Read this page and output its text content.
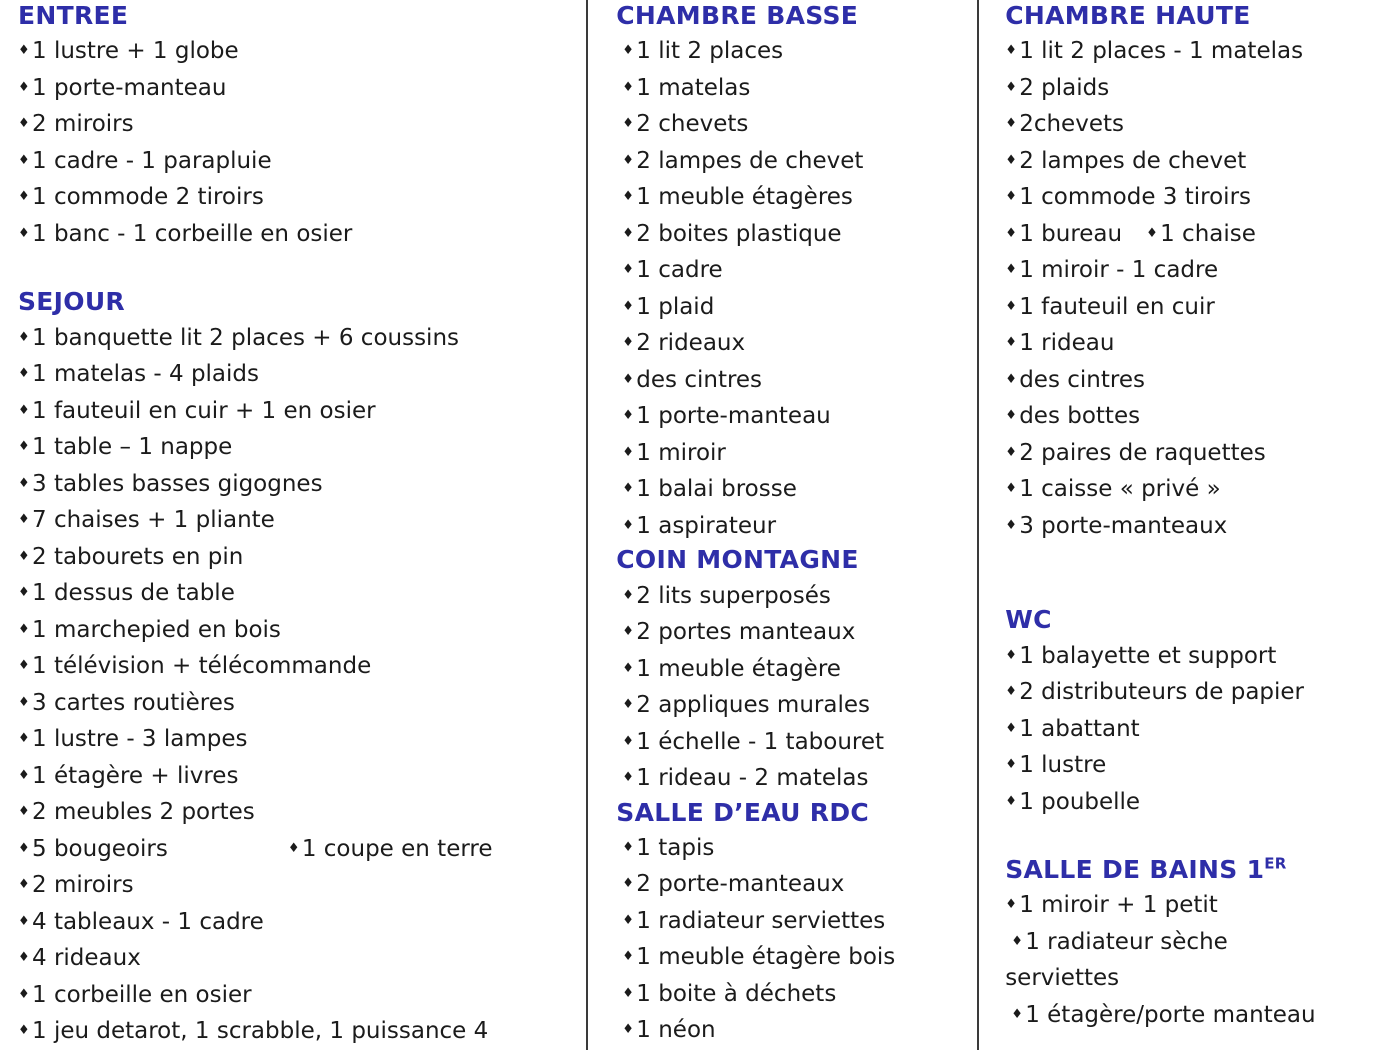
ENTREE
♦ 1 lustre + 1 globe
♦ 1 porte-manteau
♦ 2 miroirs
♦ 1 cadre - 1 parapluie
♦ 1 commode 2 tiroirs
♦ 1 banc - 1 corbeille en osier
SEJOUR
♦ 1 banquette lit 2 places + 6 coussins
♦ 1 matelas - 4 plaids
♦ 1 fauteuil en cuir + 1 en osier
♦ 1 table – 1 nappe
♦ 3 tables basses gigognes
♦ 7 chaises + 1 pliante
♦ 2 tabourets en pin
♦ 1 dessus de table
♦ 1 marchepied en bois
♦ 1 télévision + télécommande
♦ 3 cartes routières
♦ 1 lustre - 3 lampes
♦ 1 étagère + livres
♦ 2 meubles 2 portes
♦ 5 bougeoirs	♦ 1 coupe en terre
♦ 2 miroirs
♦ 4 tableaux - 1 cadre
♦ 4 rideaux
♦ 1 corbeille en osier
♦ 1 jeu detarot, 1 scrabble, 1 puissance 4
CHAMBRE BASSE
♦ 1 lit 2 places
♦ 1 matelas
♦ 2 chevets
♦ 2 lampes de chevet
♦ 1 meuble étagères
♦ 2 boites plastique
♦ 1 cadre
♦ 1 plaid
♦ 2 rideaux
♦ des cintres
♦ 1 porte-manteau
♦ 1 miroir
♦ 1 balai brosse
♦ 1 aspirateur
COIN MONTAGNE
♦ 2 lits superposés
♦ 2 portes manteaux
♦ 1 meuble étagère
♦ 2 appliques murales
♦ 1 échelle - 1 tabouret
♦ 1 rideau - 2 matelas
SALLE D’EAU RDC
♦ 1 tapis
♦ 2 porte-manteaux
♦ 1 radiateur serviettes
♦ 1 meuble étagère bois
♦ 1 boite à déchets
♦ 1 néon
CHAMBRE HAUTE
♦ 1 lit 2 places - 1 matelas
♦ 2 plaids
♦ 2chevets
♦ 2 lampes de chevet
♦ 1 commode 3 tiroirs
♦ 1 bureau ♦ 1 chaise
♦ 1 miroir - 1 cadre
♦ 1 fauteuil en cuir
♦ 1 rideau
♦ des cintres
♦ des bottes
♦ 2 paires de raquettes
♦ 1 caisse « privé »
♦ 3 porte-manteaux
WC
♦ 1 balayette et support
♦ 2 distributeurs de papier
♦ 1 abattant
♦ 1 lustre
♦ 1 poubelle
SALLE DE BAINS 1ER
♦ 1 miroir + 1 petit
♦ 1 radiateur sèche
serviettes
♦ 1 étagère/porte manteau
